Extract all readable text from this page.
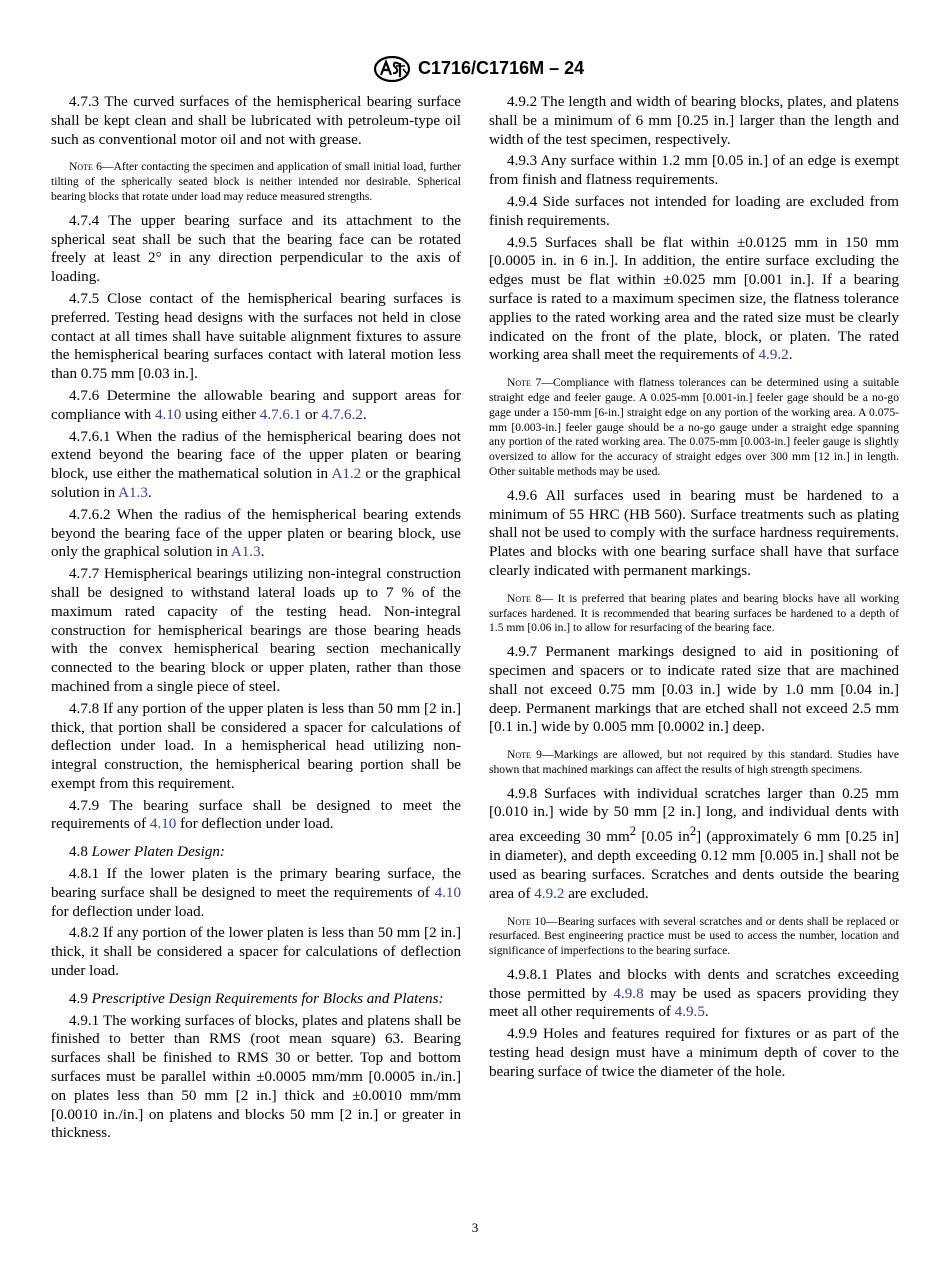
C1716/C1716M – 24

4.7.3 The curved surfaces of the hemispherical bearing surface shall be kept clean and shall be lubricated with petroleum-type oil such as conventional motor oil and not with grease.

Note 6—After contacting the specimen and application of small initial load, further tilting of the spherically seated block is neither intended nor desirable. Spherical bearing blocks that rotate under load may reduce measured strengths.

4.7.4 The upper bearing surface and its attachment to the spherical seat shall be such that the bearing face can be rotated freely at least 2° in any direction perpendicular to the axis of loading.

4.7.5 Close contact of the hemispherical bearing surfaces is preferred. Testing head designs with the surfaces not held in close contact at all times shall have suitable alignment fixtures to assure the hemispherical bearing surfaces contact with lateral motion less than 0.75 mm [0.03 in.].

4.7.6 Determine the allowable bearing and support areas for compliance with 4.10 using either 4.7.6.1 or 4.7.6.2.

4.7.6.1 When the radius of the hemispherical bearing does not extend beyond the bearing face of the upper platen or bearing block, use either the mathematical solution in A1.2 or the graphical solution in A1.3.

4.7.6.2 When the radius of the hemispherical bearing extends beyond the bearing face of the upper platen or bearing block, use only the graphical solution in A1.3.

4.7.7 Hemispherical bearings utilizing non-integral construction shall be designed to withstand lateral loads up to 7 % of the maximum rated capacity of the testing head. Non-integral construction for hemispherical bearings are those bearing heads with the convex hemispherical bearing section mechanically connected to the bearing block or upper platen, rather than those machined from a single piece of steel.

4.7.8 If any portion of the upper platen is less than 50 mm [2 in.] thick, that portion shall be considered a spacer for calculations of deflection under load. In a hemispherical head utilizing non-integral construction, the hemispherical bearing portion shall be exempt from this requirement.

4.7.9 The bearing surface shall be designed to meet the requirements of 4.10 for deflection under load.

4.8 Lower Platen Design:

4.8.1 If the lower platen is the primary bearing surface, the bearing surface shall be designed to meet the requirements of 4.10 for deflection under load.

4.8.2 If any portion of the lower platen is less than 50 mm [2 in.] thick, it shall be considered a spacer for calculations of deflection under load.

4.9 Prescriptive Design Requirements for Blocks and Platens:

4.9.1 The working surfaces of blocks, plates and platens shall be finished to better than RMS (root mean square) 63. Bearing surfaces shall be finished to RMS 30 or better. Top and bottom surfaces must be parallel within ±0.0005 mm/mm [0.0005 in./in.] on plates less than 50 mm [2 in.] thick and ±0.0010 mm/mm [0.0010 in./in.] on platens and blocks 50 mm [2 in.] or greater in thickness.

4.9.2 The length and width of bearing blocks, plates, and platens shall be a minimum of 6 mm [0.25 in.] larger than the length and width of the test specimen, respectively.

4.9.3 Any surface within 1.2 mm [0.05 in.] of an edge is exempt from finish and flatness requirements.

4.9.4 Side surfaces not intended for loading are excluded from finish requirements.

4.9.5 Surfaces shall be flat within ±0.0125 mm in 150 mm [0.0005 in. in 6 in.]. In addition, the entire surface excluding the edges must be flat within ±0.025 mm [0.001 in.]. If a bearing surface is rated to a maximum specimen size, the flatness tolerance applies to the rated working area and the rated size must be clearly indicated on the front of the plate, block, or platen. The rated working area shall meet the requirements of 4.9.2.

Note 7—Compliance with flatness tolerances can be determined using a suitable straight edge and feeler gauge. A 0.025-mm [0.001-in.] feeler gage should be a no-go gage under a 150-mm [6-in.] straight edge on any portion of the working area. A 0.075-mm [0.003-in.] feeler gauge should be a no-go gauge under a straight edge spanning any portion of the rated working area. The 0.075-mm [0.003-in.] feeler gauge is slightly oversized to allow for the accuracy of straight edges over 300 mm [12 in.] in length. Other suitable methods may be used.

4.9.6 All surfaces used in bearing must be hardened to a minimum of 55 HRC (HB 560). Surface treatments such as plating shall not be used to comply with the surface hardness requirements. Plates and blocks with one bearing surface shall have that surface clearly indicated with permanent markings.

Note 8— It is preferred that bearing plates and bearing blocks have all working surfaces hardened. It is recommended that bearing surfaces be hardened to a depth of 1.5 mm [0.06 in.] to allow for resurfacing of the bearing face.

4.9.7 Permanent markings designed to aid in positioning of specimen and spacers or to indicate rated size that are machined shall not exceed 0.75 mm [0.03 in.] wide by 1.0 mm [0.04 in.] deep. Permanent markings that are etched shall not exceed 2.5 mm [0.1 in.] wide by 0.005 mm [0.0002 in.] deep.

Note 9—Markings are allowed, but not required by this standard. Studies have shown that machined markings can affect the results of high strength specimens.

4.9.8 Surfaces with individual scratches larger than 0.25 mm [0.010 in.] wide by 50 mm [2 in.] long, and individual dents with area exceeding 30 $mm^2$ [0.05 $in^2$] (approximately 6 mm [0.25 in] in diameter), and depth exceeding 0.12 mm [0.005 in.] shall not be used as bearing surfaces. Scratches and dents outside the bearing area of 4.9.2 are excluded.

Note 10—Bearing surfaces with several scratches and or dents shall be replaced or resurfaced. Best engineering practice must be used to access the number, location and significance of imperfections to the bearing surface.

4.9.8.1 Plates and blocks with dents and scratches exceeding those permitted by 4.9.8 may be used as spacers providing they meet all other requirements of 4.9.5.

4.9.9 Holes and features required for fixtures or as part of the testing head design must have a minimum depth of cover to the bearing surface of twice the diameter of the hole.

3
